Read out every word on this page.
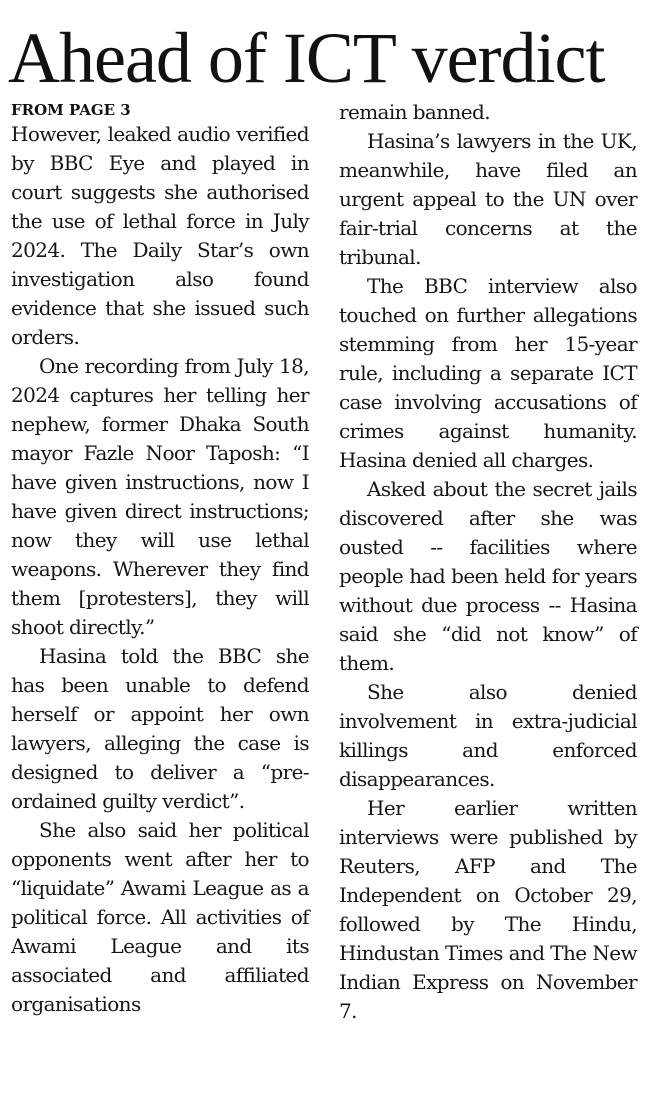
Ahead of ICT verdict
FROM PAGE 3

However, leaked audio verified by BBC Eye and played in court suggests she authorised the use of lethal force in July 2024. The Daily Star’s own investigation also found evidence that she issued such orders.

One recording from July 18, 2024 captures her telling her nephew, former Dhaka South mayor Fazle Noor Taposh: “I have given instructions, now I have given direct instructions; now they will use lethal weapons. Wherever they find them [protesters], they will shoot directly.”

Hasina told the BBC she has been unable to defend herself or appoint her own lawyers, alleging the case is designed to deliver a “pre-ordained guilty verdict”.

She also said her political opponents went after her to “liquidate” Awami League as a political force. All activities of Awami League and its associated and affiliated organisations

remain banned.

Hasina’s lawyers in the UK, meanwhile, have filed an urgent appeal to the UN over fair-trial concerns at the tribunal.

The BBC interview also touched on further allegations stemming from her 15-year rule, including a separate ICT case involving accusations of crimes against humanity. Hasina denied all charges.

Asked about the secret jails discovered after she was ousted -- facilities where people had been held for years without due process -- Hasina said she “did not know” of them.

She also denied involvement in extra-judicial killings and enforced disappearances.

Her earlier written interviews were published by Reuters, AFP and The Independent on October 29, followed by The Hindu, Hindustan Times and The New Indian Express on November 7.
